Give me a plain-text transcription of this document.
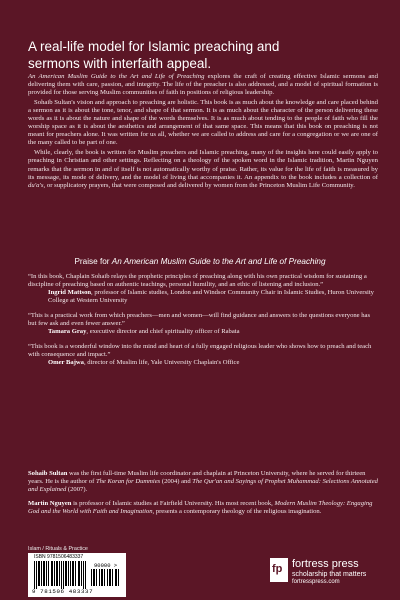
A real-life model for Islamic preaching and
sermons with interfaith appeal.

An American Muslim Guide to the Art and Life of Preaching explores the craft of creating effective Islamic sermons and delivering them with care, passion, and integrity. The life of the preacher is also addressed, and a model of spiritual formation is provided for those serving Muslim communities of faith in positions of religious leadership.

Sohaib Sultan's vision and approach to preaching are holistic. This book is as much about the knowledge and care placed behind a sermon as it is about the tone, tenor, and shape of that sermon. It is as much about the character of the person delivering these words as it is about the nature and shape of the words themselves. It is as much about tending to the people of faith who fill the worship space as it is about the aesthetics and arrangement of that same space. This means that this book on preaching is not meant for preachers alone. It was written for us all, whether we are called to address and care for a congregation or we are one of the many called to be part of one.

While, clearly, the book is written for Muslim preachers and Islamic preaching, many of the insights here could easily apply to preaching in Christian and other settings. Reflecting on a theology of the spoken word in the Islamic tradition, Martin Nguyen remarks that the sermon in and of itself is not automatically worthy of praise. Rather, its value for the life of faith is measured by its message, its mode of delivery, and the model of living that accompanies it. An appendix to the book includes a collection of du'a's, or supplicatory prayers, that were composed and delivered by women from the Princeton Muslim Life Community.

Praise for An American Muslim Guide to the Art and Life of Preaching
“In this book, Chaplain Sohaib relays the prophetic principles of preaching along with his own practical wisdom for sustaining a discipline of preaching based on authentic teachings, personal humility, and an ethic of listening and inclusion.”
Ingrid Mattson, professor of Islamic studies, London and Windsor Community Chair in Islamic Studies, Huron University College at Western University
“This is a practical work from which preachers—men and women—will find guidance and answers to the questions everyone has but few ask and even fewer answer.”
Tamara Gray, executive director and chief spirituality officer of Rabata
“This book is a wonderful window into the mind and heart of a fully engaged religious leader who shows how to preach and teach with consequence and impact.”
Omer Bajwa, director of Muslim life, Yale University Chaplain's Office
Sohaib Sultan was the first full-time Muslim life coordinator and chaplain at Princeton University, where he served for thirteen years. He is the author of The Koran for Dummies (2004) and The Qur'an and Sayings of Prophet Muhammad: Selections Annotated and Explained (2007).
Martin Nguyen is professor of Islamic studies at Fairfield University. His most recent book, Modern Muslim Theology: Engaging God and the World with Faith and Imagination, presents a contemporary theology of the religious imagination.
Islam / Rituals & Practice
ISBN 9781506483337
90000 >
9 781506 483337
fp fortress press
scholarship that matters
fortresspress.com
